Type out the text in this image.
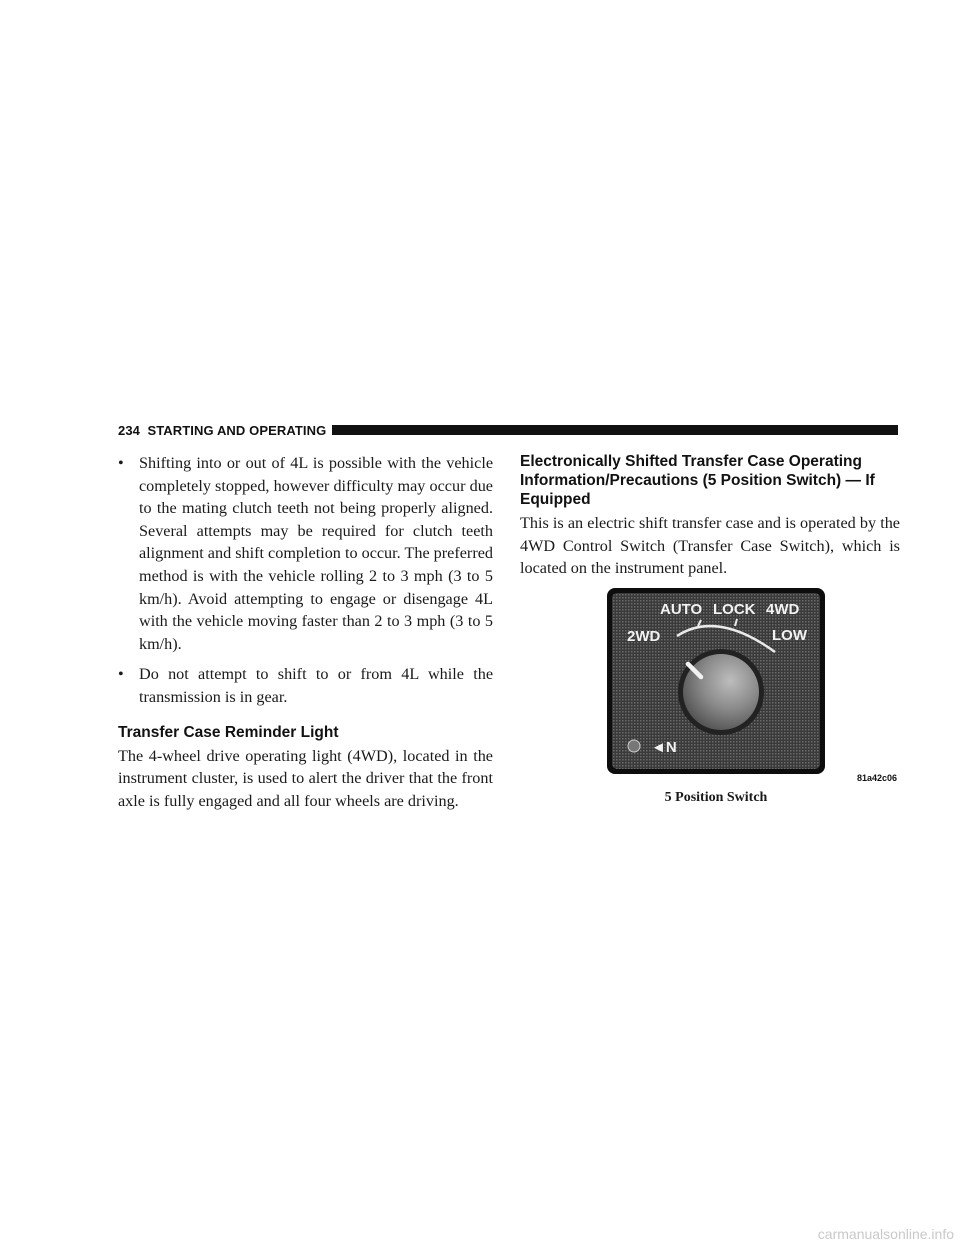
234 STARTING AND OPERATING
• Shifting into or out of 4L is possible with the vehicle completely stopped, however difficulty may occur due to the mating clutch teeth not being properly aligned. Several attempts may be required for clutch teeth alignment and shift completion to occur. The preferred method is with the vehicle rolling 2 to 3 mph (3 to 5 km/h). Avoid attempting to engage or disengage 4L with the vehicle moving faster than 2 to 3 mph (3 to 5 km/h).
• Do not attempt to shift to or from 4L while the transmission is in gear.
Transfer Case Reminder Light
The 4-wheel drive operating light (4WD), located in the instrument cluster, is used to alert the driver that the front axle is fully engaged and all four wheels are driving.
Electronically Shifted Transfer Case Operating Information/Precautions (5 Position Switch) — If Equipped
This is an electric shift transfer case and is operated by the 4WD Control Switch (Transfer Case Switch), which is located on the instrument panel.
AUTO LOCK 4WD
2WD	LOW
◄N
81a42c06
5 Position Switch
carmanualsonline.info
